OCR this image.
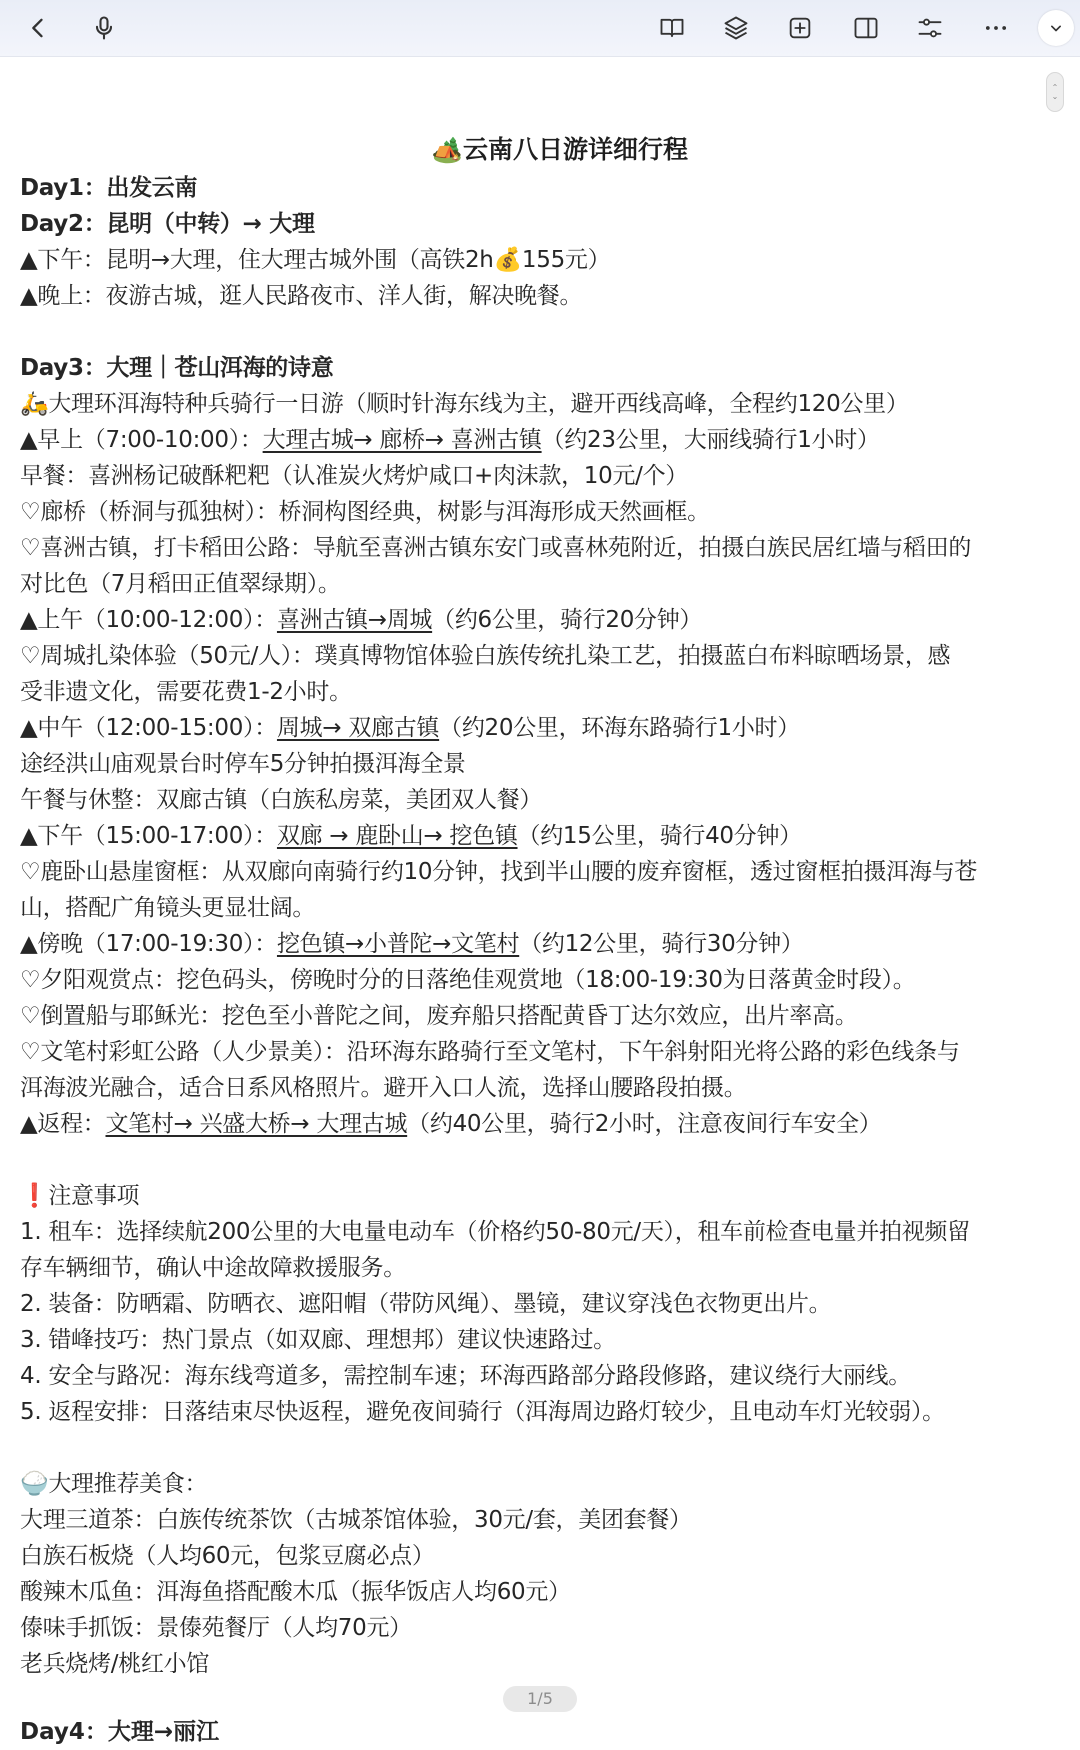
⌃
⌄
🏕️云南八日游详细行程
Day1：出发云南
Day2：昆明（中转）→ 大理
▲下午：昆明→大理，住大理古城外围（高铁2h💰155元）
▲晚上：夜游古城，逛人民路夜市、洋人街，解决晚餐。
Day3：大理｜苍山洱海的诗意
🛵大理环洱海特种兵骑行一日游（顺时针海东线为主，避开西线高峰，全程约120公里）
▲早上（7:00-10:00）：大理古城→ 廊桥→ 喜洲古镇（约23公里，大丽线骑行1小时）
早餐：喜洲杨记破酥粑粑（认准炭火烤炉咸口+肉沫款，10元/个）
♡廊桥（桥洞与孤独树）：桥洞构图经典，树影与洱海形成天然画框。
♡喜洲古镇，打卡稻田公路：导航至喜洲古镇东安门或喜林苑附近，拍摄白族民居红墙与稻田的
对比色（7月稻田正值翠绿期）。
▲上午（10:00-12:00）：喜洲古镇→周城（约6公里，骑行20分钟）
♡周城扎染体验（50元/人）：璞真博物馆体验白族传统扎染工艺，拍摄蓝白布料晾晒场景，感
受非遗文化，需要花费1-2小时。
▲中午（12:00-15:00）：周城→ 双廊古镇（约20公里，环海东路骑行1小时）
途经洪山庙观景台时停车5分钟拍摄洱海全景
午餐与休整：双廊古镇（白族私房菜，美团双人餐）
▲下午（15:00-17:00）：双廊 → 鹿卧山→ 挖色镇（约15公里，骑行40分钟）
♡鹿卧山悬崖窗框：从双廊向南骑行约10分钟，找到半山腰的废弃窗框，透过窗框拍摄洱海与苍
山，搭配广角镜头更显壮阔。
▲傍晚（17:00-19:30）：挖色镇→小普陀→文笔村（约12公里，骑行30分钟）
♡夕阳观赏点：挖色码头，傍晚时分的日落绝佳观赏地（18:00-19:30为日落黄金时段）。
♡倒置船与耶稣光：挖色至小普陀之间，废弃船只搭配黄昏丁达尔效应，出片率高。
♡文笔村彩虹公路（人少景美）：沿环海东路骑行至文笔村，下午斜射阳光将公路的彩色线条与
洱海波光融合，适合日系风格照片。避开入口人流，选择山腰路段拍摄。
▲返程：文笔村→ 兴盛大桥→ 大理古城（约40公里，骑行2小时，注意夜间行车安全）
❗注意事项
1. 租车：选择续航200公里的大电量电动车（价格约50-80元/天），租车前检查电量并拍视频留
存车辆细节，确认中途故障救援服务。
2. 装备：防晒霜、防晒衣、遮阳帽（带防风绳）、墨镜，建议穿浅色衣物更出片。
3. 错峰技巧：热门景点（如双廊、理想邦）建议快速路过。
4. 安全与路况：海东线弯道多，需控制车速；环海西路部分路段修路，建议绕行大丽线。
5. 返程安排：日落结束尽快返程，避免夜间骑行（洱海周边路灯较少，且电动车灯光较弱）。
🍚大理推荐美食：
大理三道茶：白族传统茶饮（古城茶馆体验，30元/套，美团套餐）
白族石板烧（人均60元，包浆豆腐必点）
酸辣木瓜鱼：洱海鱼搭配酸木瓜（振华饭店人均60元）
傣味手抓饭：景傣苑餐厅（人均70元）
老兵烧烤/桃红小馆
1/5
Day4：大理→丽江
